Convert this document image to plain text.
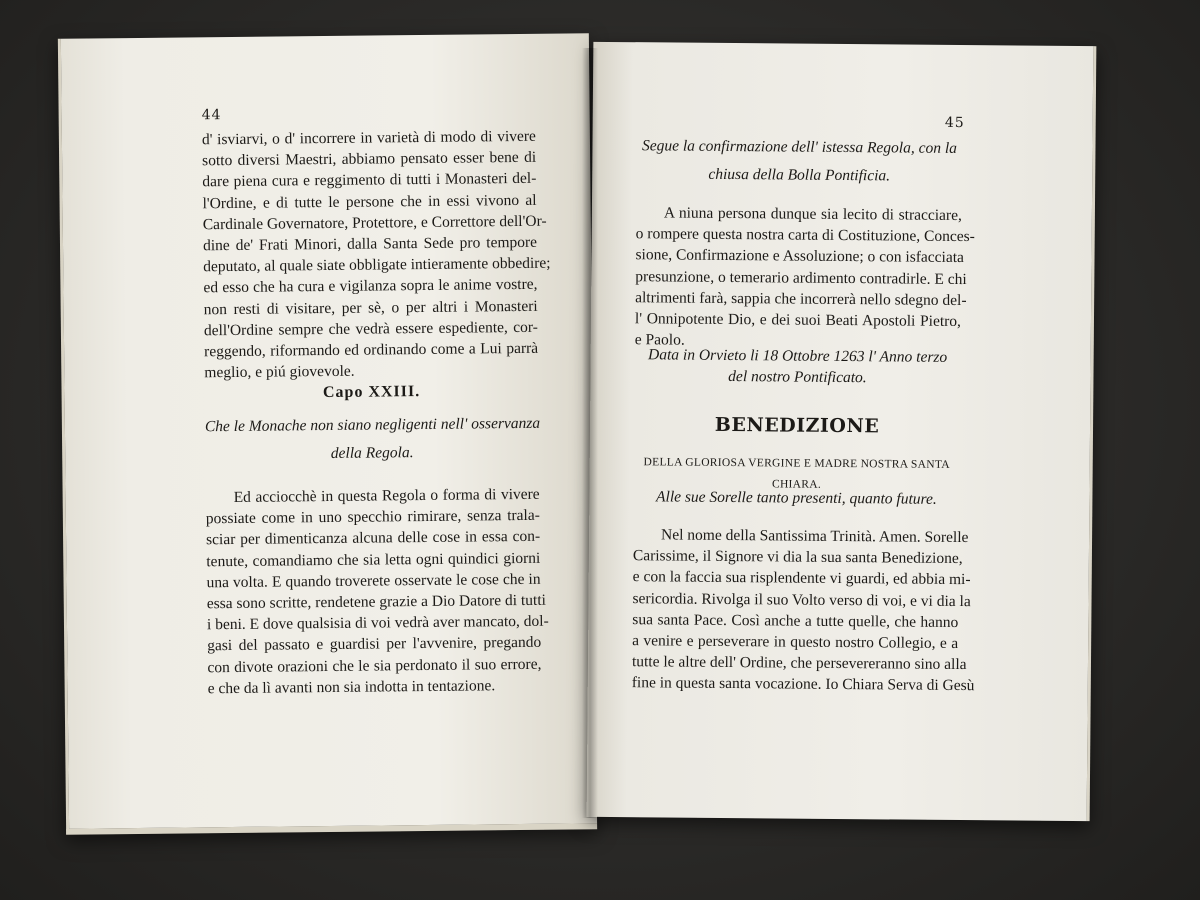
44
d' isviarvi, o d' incorrere in varietà di modo di vivere
sotto diversi Maestri, abbiamo pensato esser bene di
dare piena cura e reggimento di tutti i Monasteri del-
l'Ordine, e di tutte le persone che in essi vivono al
Cardinale Governatore, Protettore, e Correttore dell'Or-
dine de' Frati Minori, dalla Santa Sede pro tempore
deputato, al quale siate obbligate intieramente obbedire;
ed esso che ha cura e vigilanza sopra le anime vostre,
non resti di visitare, per sè, o per altri i Monasteri
dell'Ordine sempre che vedrà essere espediente, cor-
reggendo, riformando ed ordinando come a Lui parrà
meglio, e piú giovevole.
Capo XXIII.
Che le Monache non siano negligenti nell' osservanza
della Regola.
Ed acciocchè in questa Regola o forma di vivere
possiate come in uno specchio rimirare, senza trala-
sciar per dimenticanza alcuna delle cose in essa con-
tenute, comandiamo che sia letta ogni quindici giorni
una volta. E quando troverete osservate le cose che in
essa sono scritte, rendetene grazie a Dio Datore di tutti
i beni. E dove qualsisia di voi vedrà aver mancato, dol-
gasi del passato e guardisi per l'avvenire, pregando
con divote orazioni che le sia perdonato il suo errore,
e che da lì avanti non sia indotta in tentazione.
45
Segue la confirmazione dell' istessa Regola, con la
chiusa della Bolla Pontificia.
A niuna persona dunque sia lecito di stracciare,
o rompere questa nostra carta di Costituzione, Conces-
sione, Confirmazione e Assoluzione; o con isfacciata
presunzione, o temerario ardimento contradirle. E chi
altrimenti farà, sappia che incorrerà nello sdegno del-
l' Onnipotente Dio, e dei suoi Beati Apostoli Pietro,
e Paolo.
Data in Orvieto li 18 Ottobre 1263 l' Anno terzo
del nostro Pontificato.
BENEDIZIONE
DELLA GLORIOSA VERGINE E MADRE NOSTRA SANTA CHIARA.
Alle sue Sorelle tanto presenti, quanto future.
Nel nome della Santissima Trinità. Amen. Sorelle
Carissime, il Signore vi dia la sua santa Benedizione,
e con la faccia sua risplendente vi guardi, ed abbia mi-
sericordia. Rivolga il suo Volto verso di voi, e vi dia la
sua santa Pace. Così anche a tutte quelle, che hanno
a venire e perseverare in questo nostro Collegio, e a
tutte le altre dell' Ordine, che persevereranno sino alla
fine in questa santa vocazione. Io Chiara Serva di Gesù
